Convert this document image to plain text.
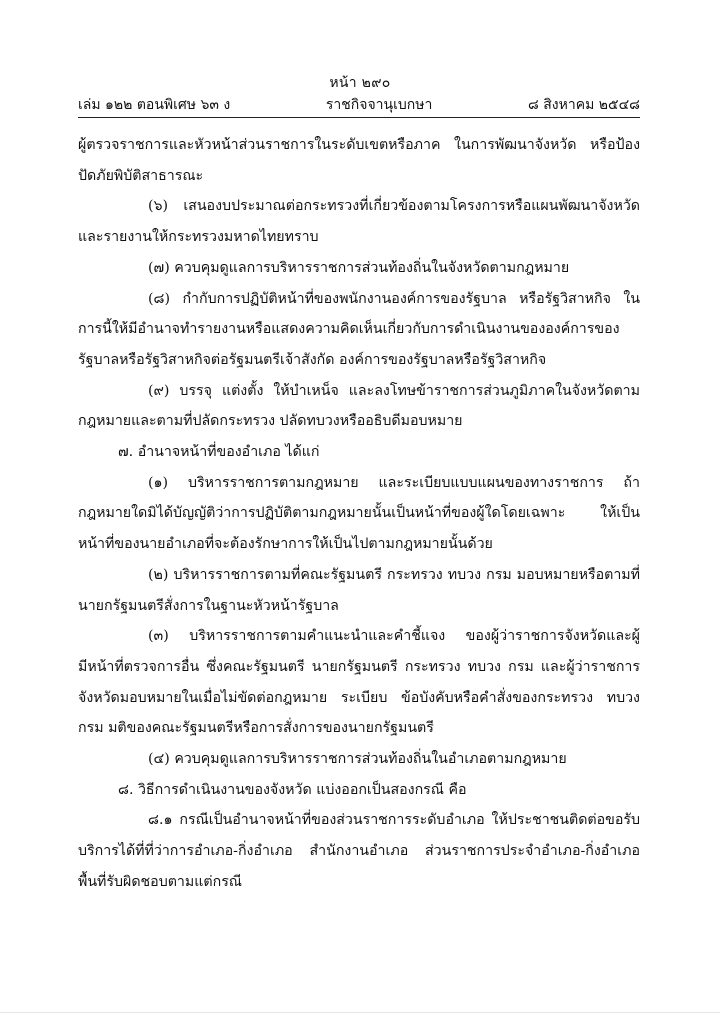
หน้า ๒๙๐
เล่ม ๑๒๒ ตอนพิเศษ ๖๓ ง	ราชกิจจานุเบกษา	๘ สิงหาคม ๒๕๔๘

ผู้ตรวจราชการและหัวหน้าส่วนราชการในระดับเขตหรือภาค ในการพัฒนาจังหวัด หรือป้องปัดภัยพิบัติสาธารณะ

(๖) เสนองบประมาณต่อกระทรวงที่เกี่ยวข้องตามโครงการหรือแผนพัฒนาจังหวัด และรายงานให้กระทรวงมหาดไทยทราบ

(๗) ควบคุมดูแลการบริหารราชการส่วนท้องถิ่นในจังหวัดตามกฎหมาย

(๘) กำกับการปฏิบัติหน้าที่ของพนักงานองค์การของรัฐบาล หรือรัฐวิสาหกิจ ในการนี้ให้มีอำนาจทำรายงานหรือแสดงความคิดเห็นเกี่ยวกับการดำเนินงานขององค์การของรัฐบาลหรือรัฐวิสาหกิจต่อรัฐมนตรีเจ้าสังกัด องค์การของรัฐบาลหรือรัฐวิสาหกิจ

(๙) บรรจุ แต่งตั้ง ให้บำเหน็จ และลงโทษข้าราชการส่วนภูมิภาคในจังหวัดตามกฎหมายและตามที่ปลัดกระทรวง ปลัดทบวงหรืออธิบดีมอบหมาย

๗. อำนาจหน้าที่ของอำเภอ ได้แก่

(๑) บริหารราชการตามกฎหมาย และระเบียบแบบแผนของทางราชการ ถ้ากฎหมายใดมิได้บัญญัติว่าการปฏิบัติตามกฎหมายนั้นเป็นหน้าที่ของผู้ใดโดยเฉพาะ ให้เป็นหน้าที่ของนายอำเภอที่จะต้องรักษาการให้เป็นไปตามกฎหมายนั้นด้วย

(๒) บริหารราชการตามที่คณะรัฐมนตรี กระทรวง ทบวง กรม มอบหมายหรือตามที่นายกรัฐมนตรีสั่งการในฐานะหัวหน้ารัฐบาล

(๓) บริหารราชการตามคำแนะนำและคำชี้แจง ของผู้ว่าราชการจังหวัดและผู้มีหน้าที่ตรวจการอื่น ซึ่งคณะรัฐมนตรี นายกรัฐมนตรี กระทรวง ทบวง กรม และผู้ว่าราชการจังหวัดมอบหมายในเมื่อไม่ขัดต่อกฎหมาย ระเบียบ ข้อบังคับหรือคำสั่งของกระทรวง ทบวง กรม มติของคณะรัฐมนตรีหรือการสั่งการของนายกรัฐมนตรี

(๔) ควบคุมดูแลการบริหารราชการส่วนท้องถิ่นในอำเภอตามกฎหมาย

๘. วิธีการดำเนินงานของจังหวัด แบ่งออกเป็นสองกรณี คือ

๘.๑ กรณีเป็นอำนาจหน้าที่ของส่วนราชการระดับอำเภอ ให้ประชาชนติดต่อขอรับบริการได้ที่ที่ว่าการอำเภอ-กิ่งอำเภอ สำนักงานอำเภอ ส่วนราชการประจำอำเภอ-กิ่งอำเภอ พื้นที่รับผิดชอบตามแต่กรณี
